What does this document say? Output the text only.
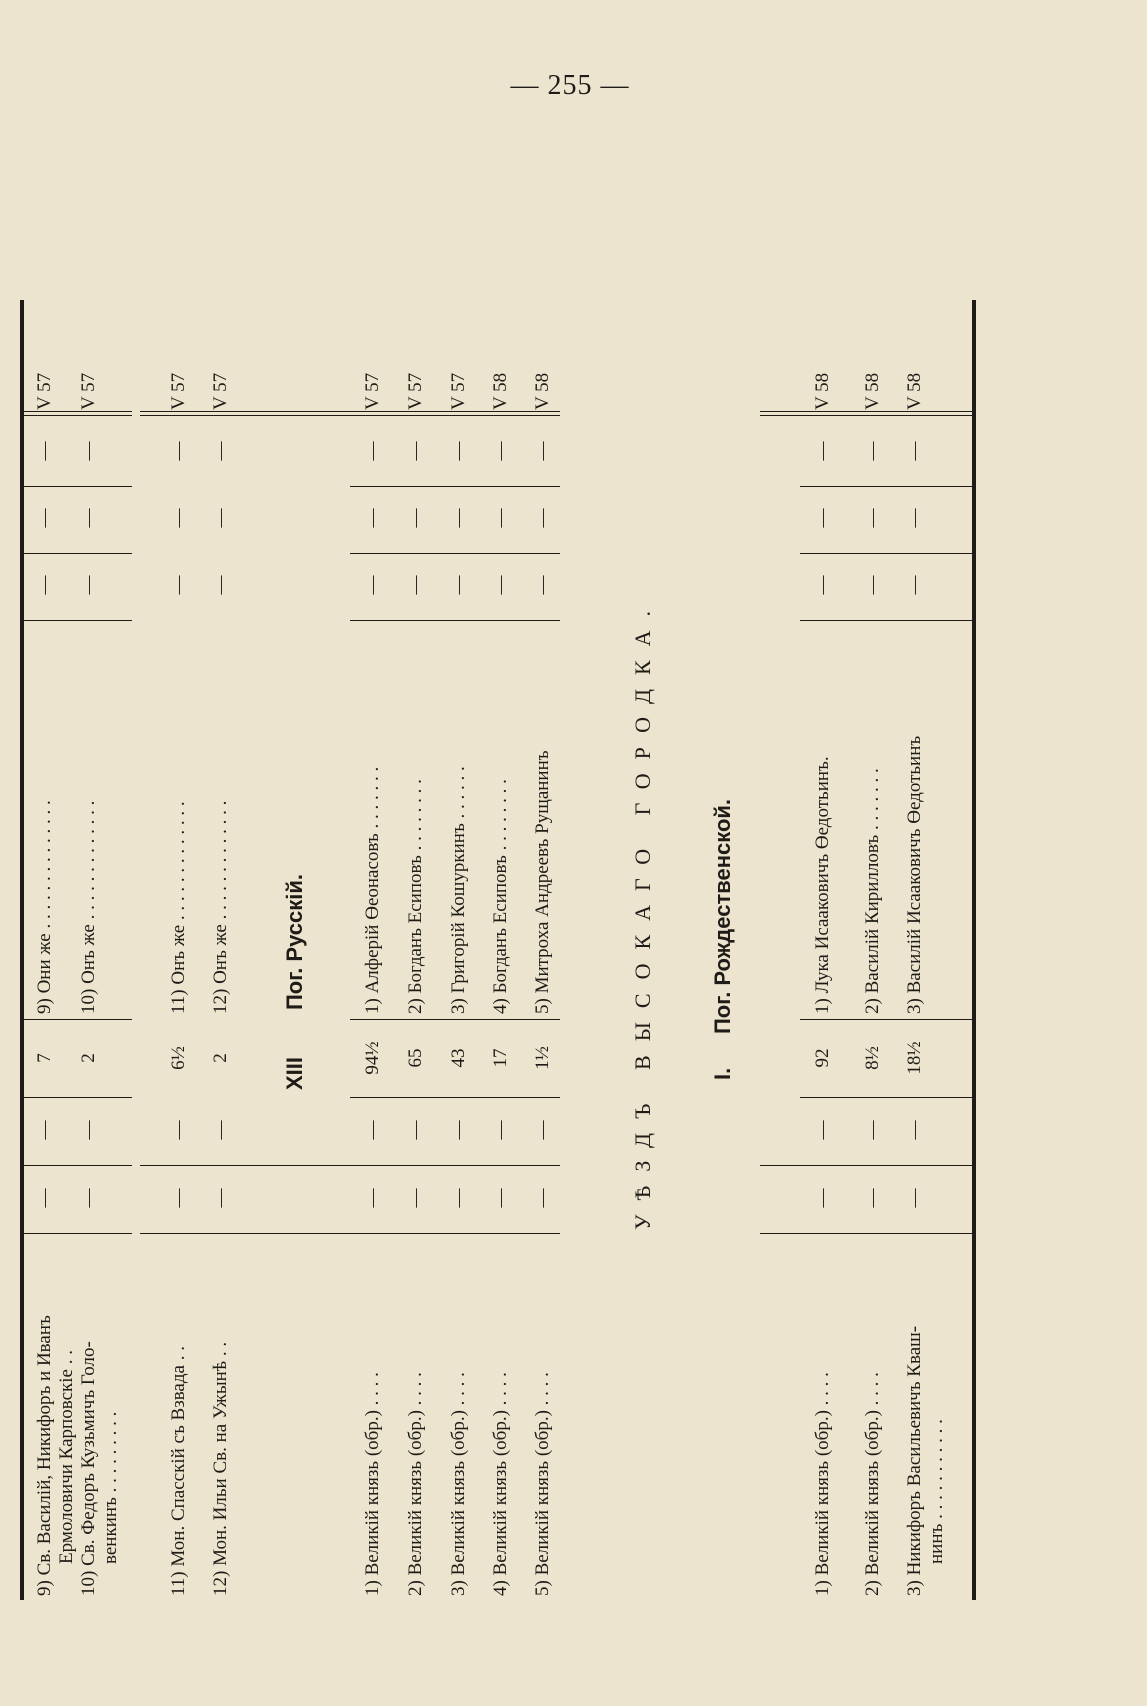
— 255 —

9) Св. Василій, Никифоръ и Иванъ Ермоловичи Карповскіе . .
—
—
7
9) Они же . . . . . . . . . . . . . .
—
—
—
V 57
10) Св. Федоръ Кузьмичъ Голо- венкинъ . . . . . . . . .
—
—
2
10) Онъ же . . . . . . . . . . . . .
—
—
—
V 57
11) Мон. Спасскій съ Взвада . .
—
—
6½
11) Онъ же . . . . . . . . . . . . .
—
—
—
V 57
12) Мон. Ильи Св. на Ужынѣ . .
—
—
2
12) Онъ же . . . . . . . . . . . . .
—
—
—
V 57
XIII
Пог. Русскій.
1) Великій князь (обр.) . . . .
—
—
94½
1) Алферій Өеонасовъ . . . . . . .
—
—
—
V 57
2) Великій князь (обр.) . . . .
—
—
65
2) Богданъ Есиповъ . . . . . . . .
—
—
—
V 57
3) Великій князь (обр.) . . . .
—
—
43
3) Григорій Кошуркинъ . . . . . .
—
—
—
V 57
4) Великій князь (обр.) . . . .
—
—
17
4) Богданъ Есиповъ . . . . . . . .
—
—
—
V 58
5) Великій князь (обр.) . . . .
—
—
1½
5) Митроха Андреевъ Рущанинъ
—
—
—
V 58
УѢЗДЪ ВЫСОКАГО ГОРОДКА.	I.
Пог. Рождественской.
1) Великій князь (обр.) . . . .
—
—
92
1) Лука Исааковичъ Өедотьинъ.
—
—
—
V 58
2) Великій князь (обр.) . . . .
—
—
8½
2) Василій Кирилловъ . . . . . . .
—
—
—
V 58
3) Никифоръ Васильевичъ Кваш- нинъ . . . . . . . . . . .
—
—
18½
3) Василій Исааковичъ Өедотьинъ
—
—
—
V 58
